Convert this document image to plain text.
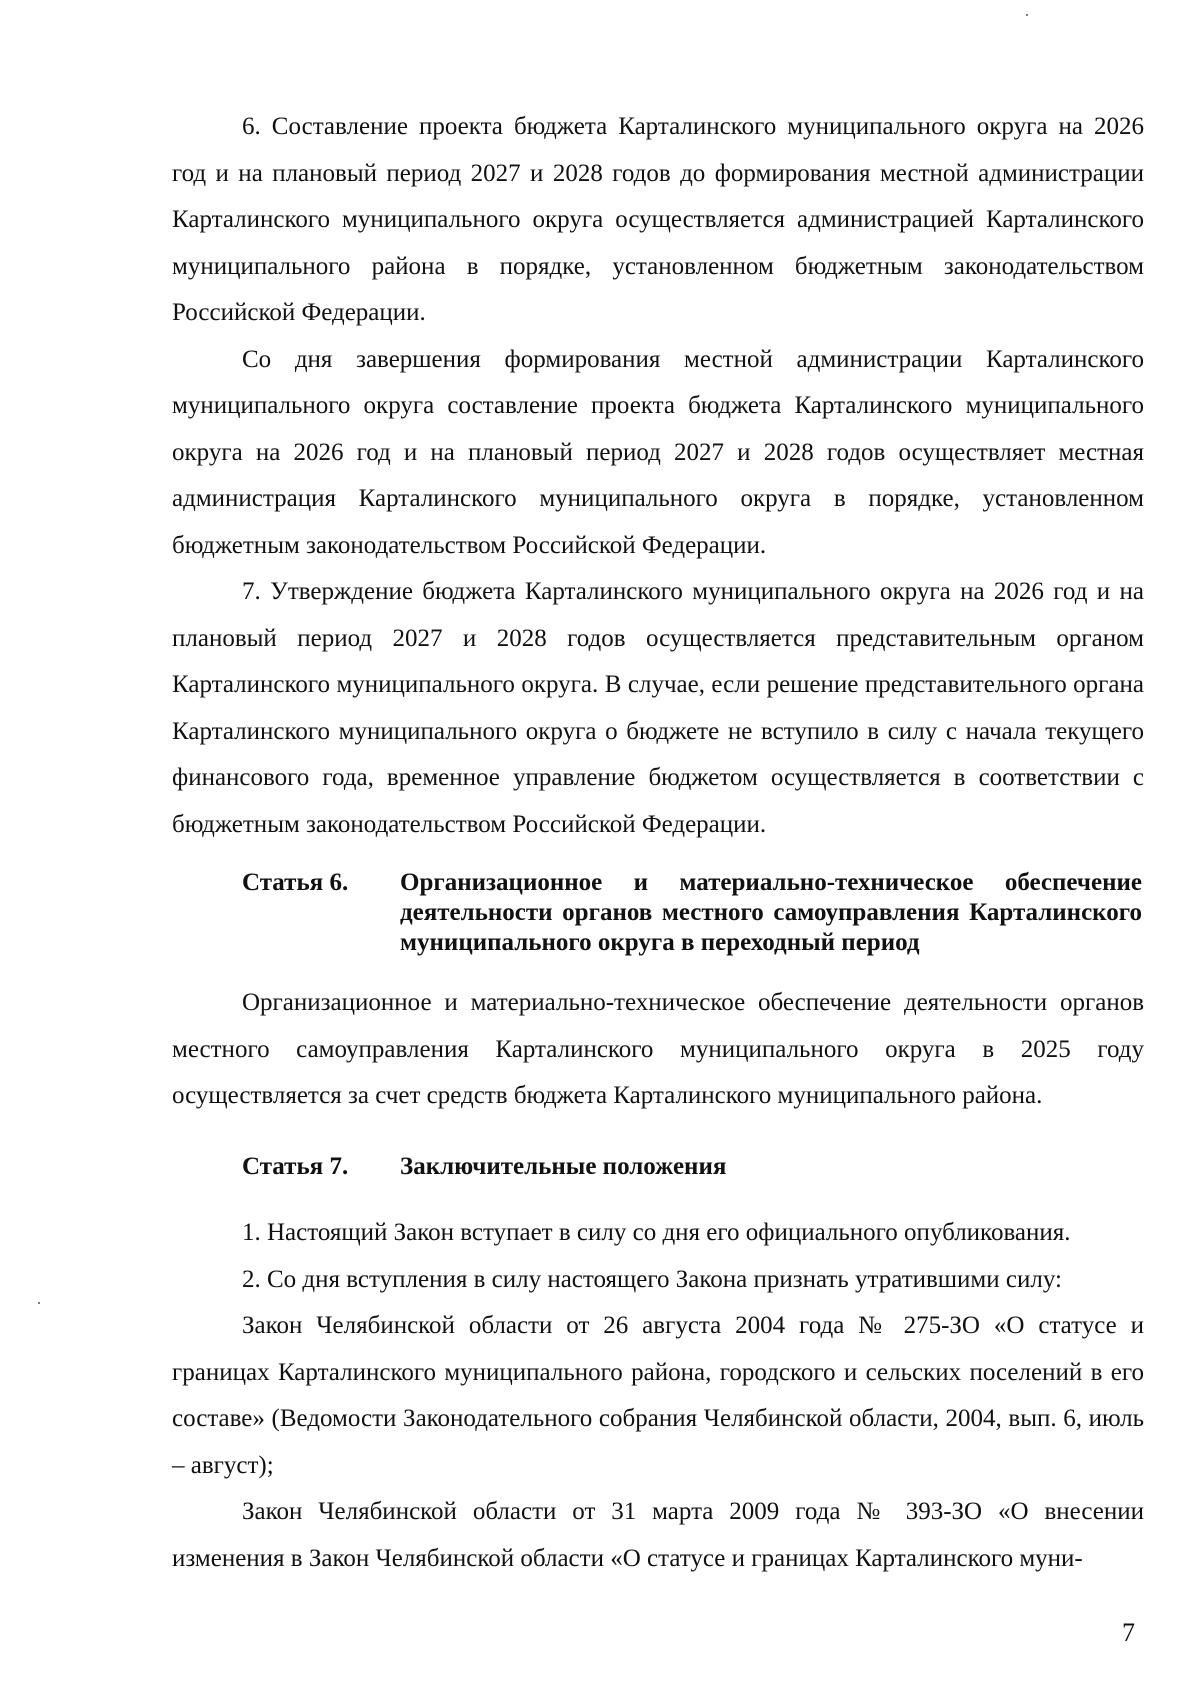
6. Составление проекта бюджета Карталинского муниципального округа на 2026 год и на плановый период 2027 и 2028 годов до формирования местной администрации Карталинского муниципального округа осуществляется администрацией Карталинского муниципального района в порядке, установленном бюджетным законодательством Российской Федерации.

Со дня завершения формирования местной администрации Карталинского муниципального округа составление проекта бюджета Карталинского муниципального округа на 2026 год и на плановый период 2027 и 2028 годов осуществляет местная администрация Карталинского муниципального округа в порядке, установленном бюджетным законодательством Российской Федерации.

7. Утверждение бюджета Карталинского муниципального округа на 2026 год и на плановый период 2027 и 2028 годов осуществляется представительным органом Карталинского муниципального округа. В случае, если решение представительного органа Карталинского муниципального округа о бюджете не вступило в силу с начала текущего финансового года, временное управление бюджетом осуществляется в соответствии с бюджетным законодательством Российской Федерации.

Статья 6. Организационное и материально-техническое обеспечение деятельности органов местного самоуправления Карталинского муниципального округа в переходный период

Организационное и материально-техническое обеспечение деятельности органов местного самоуправления Карталинского муниципального округа в 2025 году осуществляется за счет средств бюджета Карталинского муниципального района.

Статья 7. Заключительные положения

1. Настоящий Закон вступает в силу со дня его официального опубликования.

2. Со дня вступления в силу настоящего Закона признать утратившими силу:

Закон Челябинской области от 26 августа 2004 года № 275-ЗО «О статусе и границах Карталинского муниципального района, городского и сельских поселений в его составе» (Ведомости Законодательного собрания Челябинской области, 2004, вып. 6, июль – август);

Закон Челябинской области от 31 марта 2009 года № 393-ЗО «О внесении изменения в Закон Челябинской области «О статусе и границах Карталинского муни-

7
